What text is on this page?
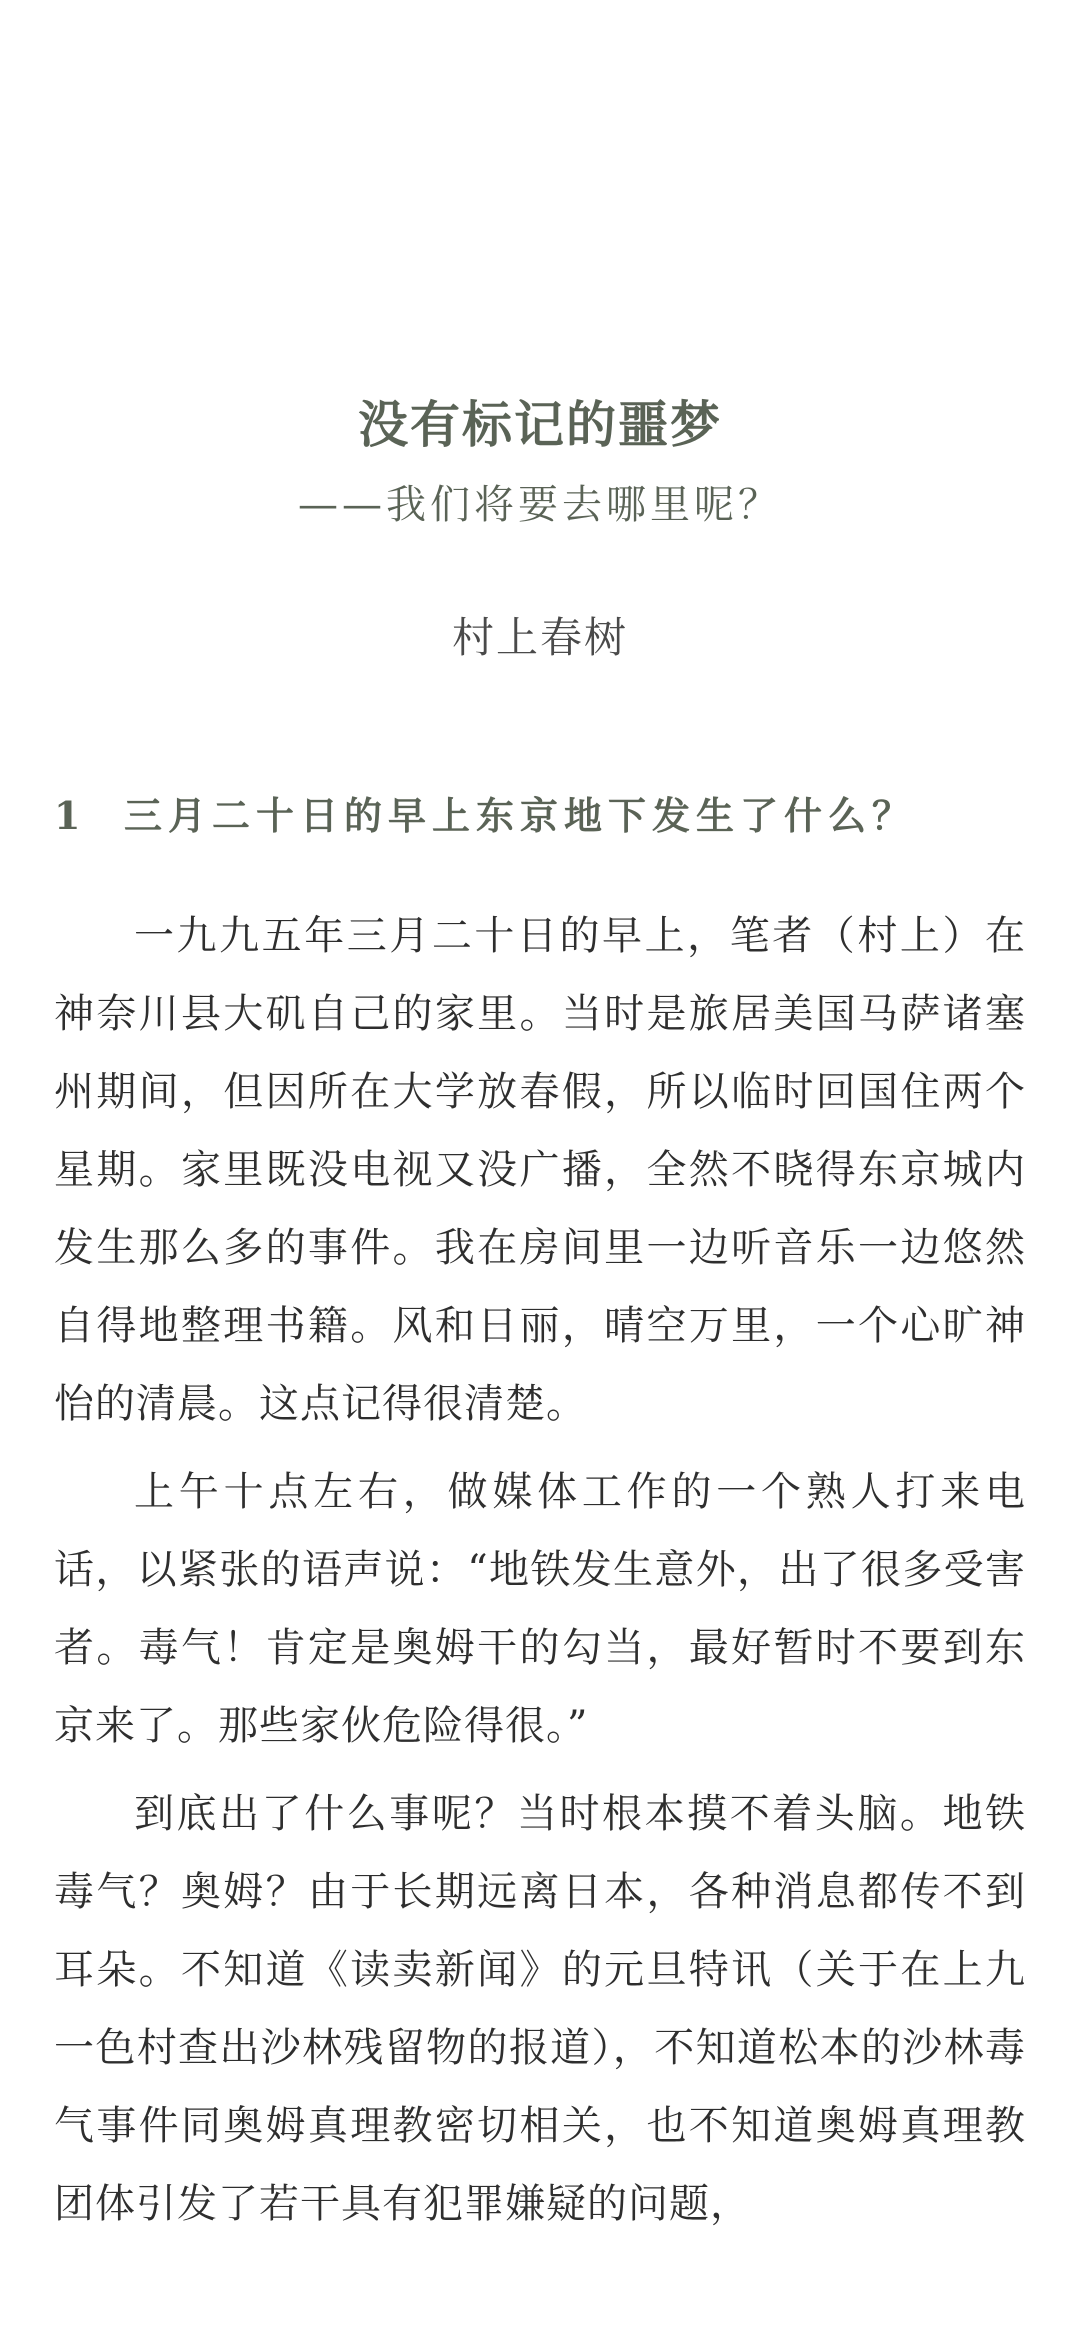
没有标记的噩梦
——我们将要去哪里呢？
村上春树
1 三月二十日的早上东京地下发生了什么？

一九九五年三月二十日的早上，笔者（村上）在神奈川县大矶自己的家里。当时是旅居美国马萨诸塞州期间，但因所在大学放春假，所以临时回国住两个星期。家里既没电视又没广播，全然不晓得东京城内发生那么多的事件。我在房间里一边听音乐一边悠然自得地整理书籍。风和日丽，晴空万里，一个心旷神怡的清晨。这点记得很清楚。

上午十点左右，做媒体工作的一个熟人打来电话，以紧张的语声说：“地铁发生意外，出了很多受害者。毒气！肯定是奥姆干的勾当，最好暂时不要到东京来了。那些家伙危险得很。”

到底出了什么事呢？当时根本摸不着头脑。地铁毒气？奥姆？由于长期远离日本，各种消息都传不到耳朵。不知道《读卖新闻》的元旦特讯（关于在上九一色村查出沙林残留物的报道），不知道松本的沙林毒气事件同奥姆真理教密切相关，也不知道奥姆真理教团体引发了若干具有犯罪嫌疑的问题，
